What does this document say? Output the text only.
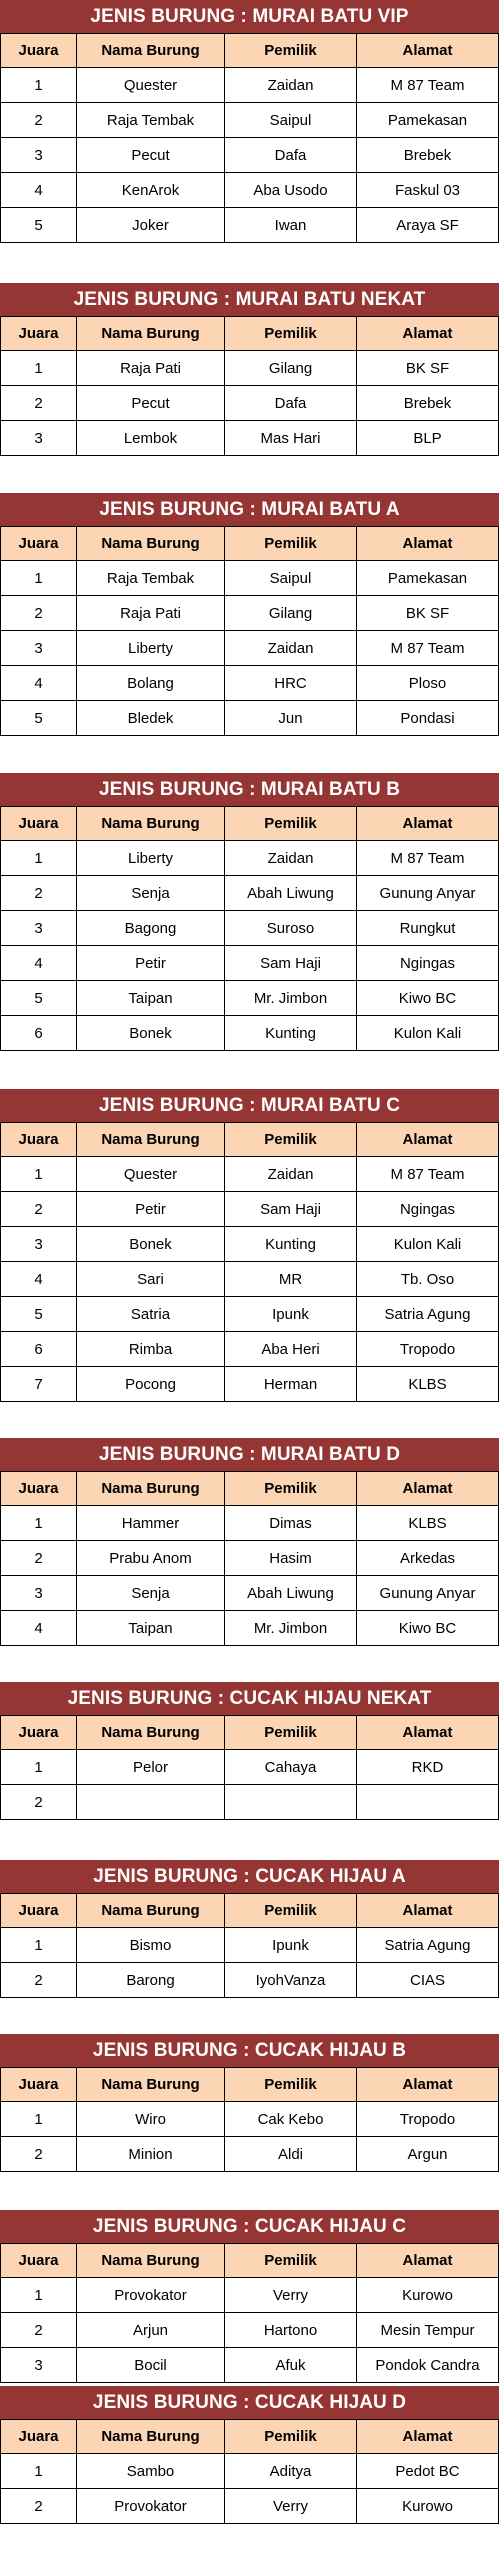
JENIS BURUNG : MURAI BATU VIP
Juara	Nama Burung	Pemilik	Alamat
1	Quester	Zaidan	M 87 Team
2	Raja Tembak	Saipul	Pamekasan
3	Pecut	Dafa	Brebek
4	KenArok	Aba Usodo	Faskul 03
5	Joker	Iwan	Araya SF
JENIS BURUNG : MURAI BATU NEKAT
Juara	Nama Burung	Pemilik	Alamat
1	Raja Pati	Gilang	BK SF
2	Pecut	Dafa	Brebek
3	Lembok	Mas Hari	BLP
JENIS BURUNG : MURAI BATU A
Juara	Nama Burung	Pemilik	Alamat
1	Raja Tembak	Saipul	Pamekasan
2	Raja Pati	Gilang	BK SF
3	Liberty	Zaidan	M 87 Team
4	Bolang	HRC	Ploso
5	Bledek	Jun	Pondasi
JENIS BURUNG : MURAI BATU B
Juara	Nama Burung	Pemilik	Alamat
1	Liberty	Zaidan	M 87 Team
2	Senja	Abah Liwung	Gunung Anyar
3	Bagong	Suroso	Rungkut
4	Petir	Sam Haji	Ngingas
5	Taipan	Mr. Jimbon	Kiwo BC
6	Bonek	Kunting	Kulon Kali
JENIS BURUNG : MURAI BATU C
Juara	Nama Burung	Pemilik	Alamat
1	Quester	Zaidan	M 87 Team
2	Petir	Sam Haji	Ngingas
3	Bonek	Kunting	Kulon Kali
4	Sari	MR	Tb. Oso
5	Satria	Ipunk	Satria Agung
6	Rimba	Aba Heri	Tropodo
7	Pocong	Herman	KLBS
JENIS BURUNG : MURAI BATU D
Juara	Nama Burung	Pemilik	Alamat
1	Hammer	Dimas	KLBS
2	Prabu Anom	Hasim	Arkedas
3	Senja	Abah Liwung	Gunung Anyar
4	Taipan	Mr. Jimbon	Kiwo BC
JENIS BURUNG : CUCAK HIJAU NEKAT
Juara	Nama Burung	Pemilik	Alamat
1	Pelor	Cahaya	RKD
2
JENIS BURUNG : CUCAK HIJAU A
Juara	Nama Burung	Pemilik	Alamat
1	Bismo	Ipunk	Satria Agung
2	Barong	IyohVanza	CIAS
JENIS BURUNG : CUCAK HIJAU B
Juara	Nama Burung	Pemilik	Alamat
1	Wiro	Cak Kebo	Tropodo
2	Minion	Aldi	Argun
JENIS BURUNG : CUCAK HIJAU C
Juara	Nama Burung	Pemilik	Alamat
1	Provokator	Verry	Kurowo
2	Arjun	Hartono	Mesin Tempur
3	Bocil	Afuk	Pondok Candra
JENIS BURUNG : CUCAK HIJAU D
Juara	Nama Burung	Pemilik	Alamat
1	Sambo	Aditya	Pedot BC
2	Provokator	Verry	Kurowo
